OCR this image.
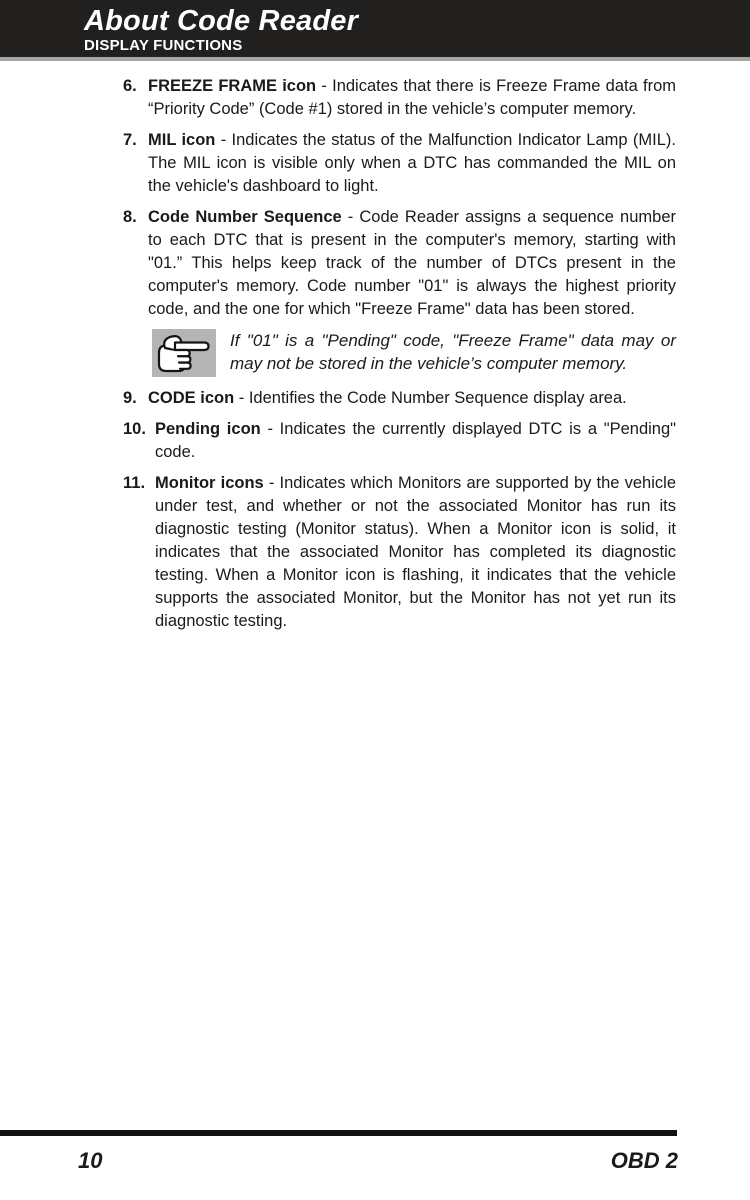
About Code Reader
DISPLAY FUNCTIONS
6. FREEZE FRAME icon - Indicates that there is Freeze Frame data from “Priority Code” (Code #1) stored in the vehicle’s computer memory.
7. MIL icon - Indicates the status of the Malfunction Indicator Lamp (MIL). The MIL icon is visible only when a DTC has commanded the MIL on the vehicle's dashboard to light.
8. Code Number Sequence - Code Reader assigns a sequence number to each DTC that is present in the computer's memory, starting with "01.” This helps keep track of the number of DTCs present in the computer's memory. Code number "01" is always the highest priority code, and the one for which "Freeze Frame" data has been stored.
If "01" is a "Pending" code, "Freeze Frame" data may or may not be stored in the vehicle’s computer memory.
9. CODE icon - Identifies the Code Number Sequence display area.
10. Pending icon - Indicates the currently displayed DTC is a "Pending" code.
11. Monitor icons - Indicates which Monitors are supported by the vehicle under test, and whether or not the associated Monitor has run its diagnostic testing (Monitor status). When a Monitor icon is solid, it indicates that the associated Monitor has completed its diagnostic testing. When a Monitor icon is flashing, it indicates that the vehicle supports the associated Monitor, but the Monitor has not yet run its diagnostic testing.
10	OBD 2
